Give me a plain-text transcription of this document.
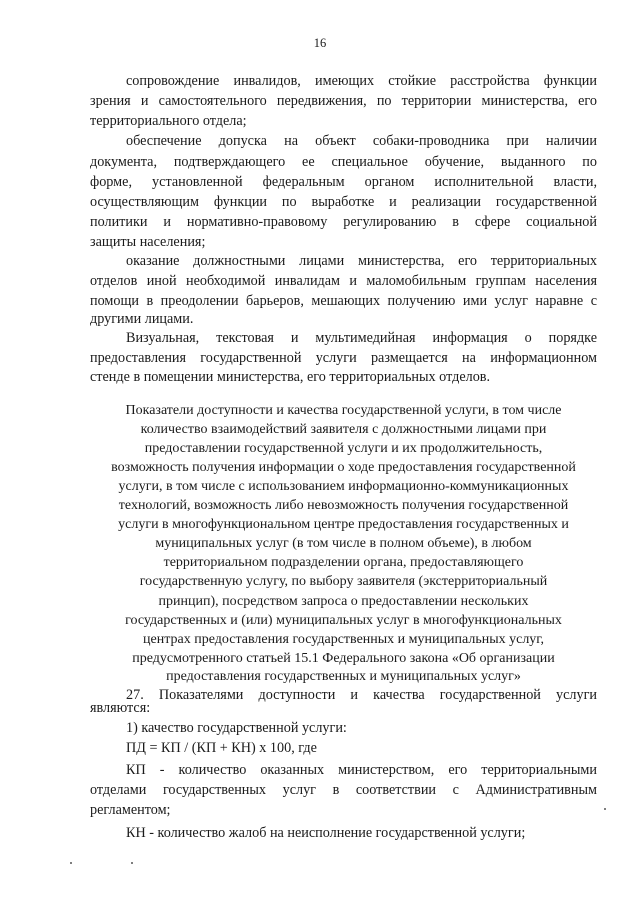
16
сопровождение инвалидов, имеющих стойкие расстройства функции
зрения и самостоятельного передвижения, по территории министерства, его
территориального отдела;
обеспечение допуска на объект собаки-проводника при наличии
документа, подтверждающего ее специальное обучение, выданного по
форме, установленной федеральным органом исполнительной власти,
осуществляющим функции по выработке и реализации государственной
политики и нормативно-правовому регулированию в сфере социальной
защиты населения;
оказание должностными лицами министерства, его территориальных
отделов иной необходимой инвалидам и маломобильным группам населения
помощи в преодолении барьеров, мешающих получению ими услуг наравне с
другими лицами.
Визуальная, текстовая и мультимедийная информация о порядке
предоставления государственной услуги размещается на информационном
стенде в помещении министерства, его территориальных отделов.
Показатели доступности и качества государственной услуги, в том числе
количество взаимодействий заявителя с должностными лицами при
предоставлении государственной услуги и их продолжительность,
возможность получения информации о ходе предоставления государственной
услуги, в том числе с использованием информационно-коммуникационных
технологий, возможность либо невозможность получения государственной
услуги в многофункциональном центре предоставления государственных и
муниципальных услуг (в том числе в полном объеме), в любом
территориальном подразделении органа, предоставляющего
государственную услугу, по выбору заявителя (экстерриториальный
принцип), посредством запроса о предоставлении нескольких
государственных и (или) муниципальных услуг в многофункциональных
центрах предоставления государственных и муниципальных услуг,
предусмотренного статьей 15.1 Федерального закона «Об организации
предоставления государственных и муниципальных услуг»
27. Показателями доступности и качества государственной услуги
являются:
1) качество государственной услуги:
ПД = КП / (КП + КН) х 100, где
КП - количество оказанных министерством, его территориальными
отделами государственных услуг в соответствии с Административным
регламентом;
КН - количество жалоб на неисполнение государственной услуги;
